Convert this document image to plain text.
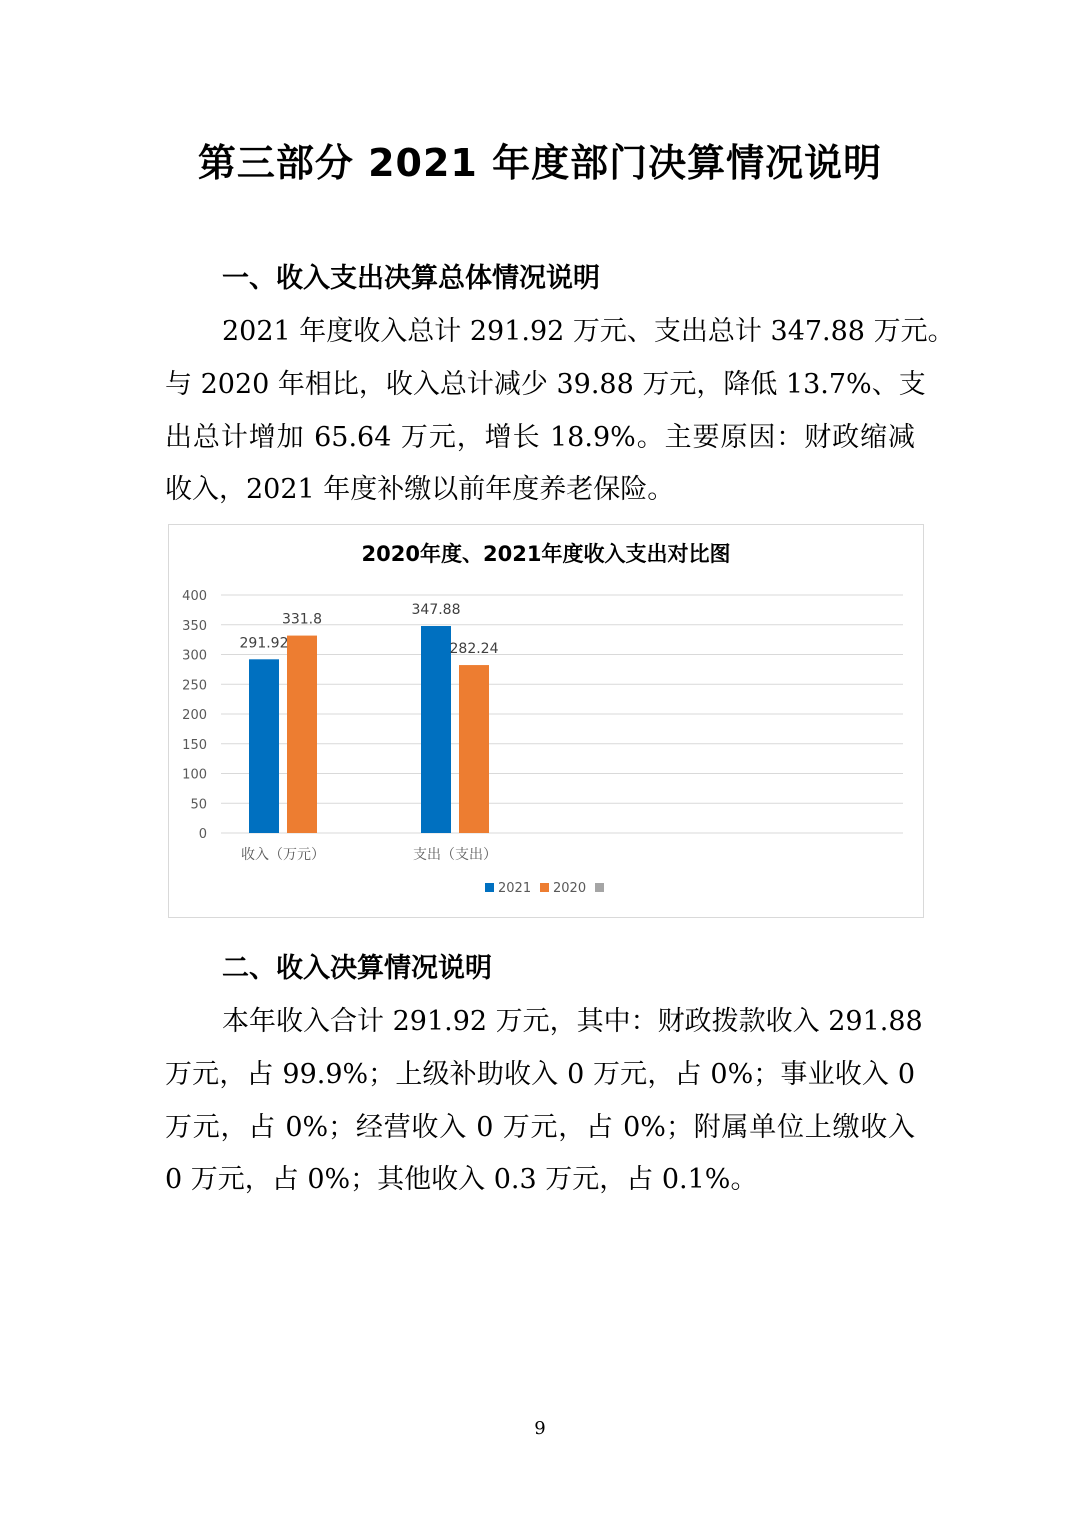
第三部分 2021 年度部门决算情况说明
一、收入支出决算总体情况说明
2021 年度收入总计 291.92 万元、支出总计 347.88 万元。
与 2020 年相比，收入总计减少 39.88 万元，降低 13.7%、支
出总计增加 65.64 万元，增长 18.9%。主要原因：财政缩减
收入，2021 年度补缴以前年度养老保险。
2020年度、2021年度收入支出对比图
0
50
100
150
200
250
300
350
400
291.92
331.8
收入（万元）
347.88
282.24
支出（支出）
2021 2020
二、收入决算情况说明
本年收入合计 291.92 万元，其中：财政拨款收入 291.88
万元，占 99.9%；上级补助收入 0 万元，占 0%；事业收入 0
万元，占 0%；经营收入 0 万元，占 0%；附属单位上缴收入
0 万元，占 0%；其他收入 0.3 万元，占 0.1%。
9
